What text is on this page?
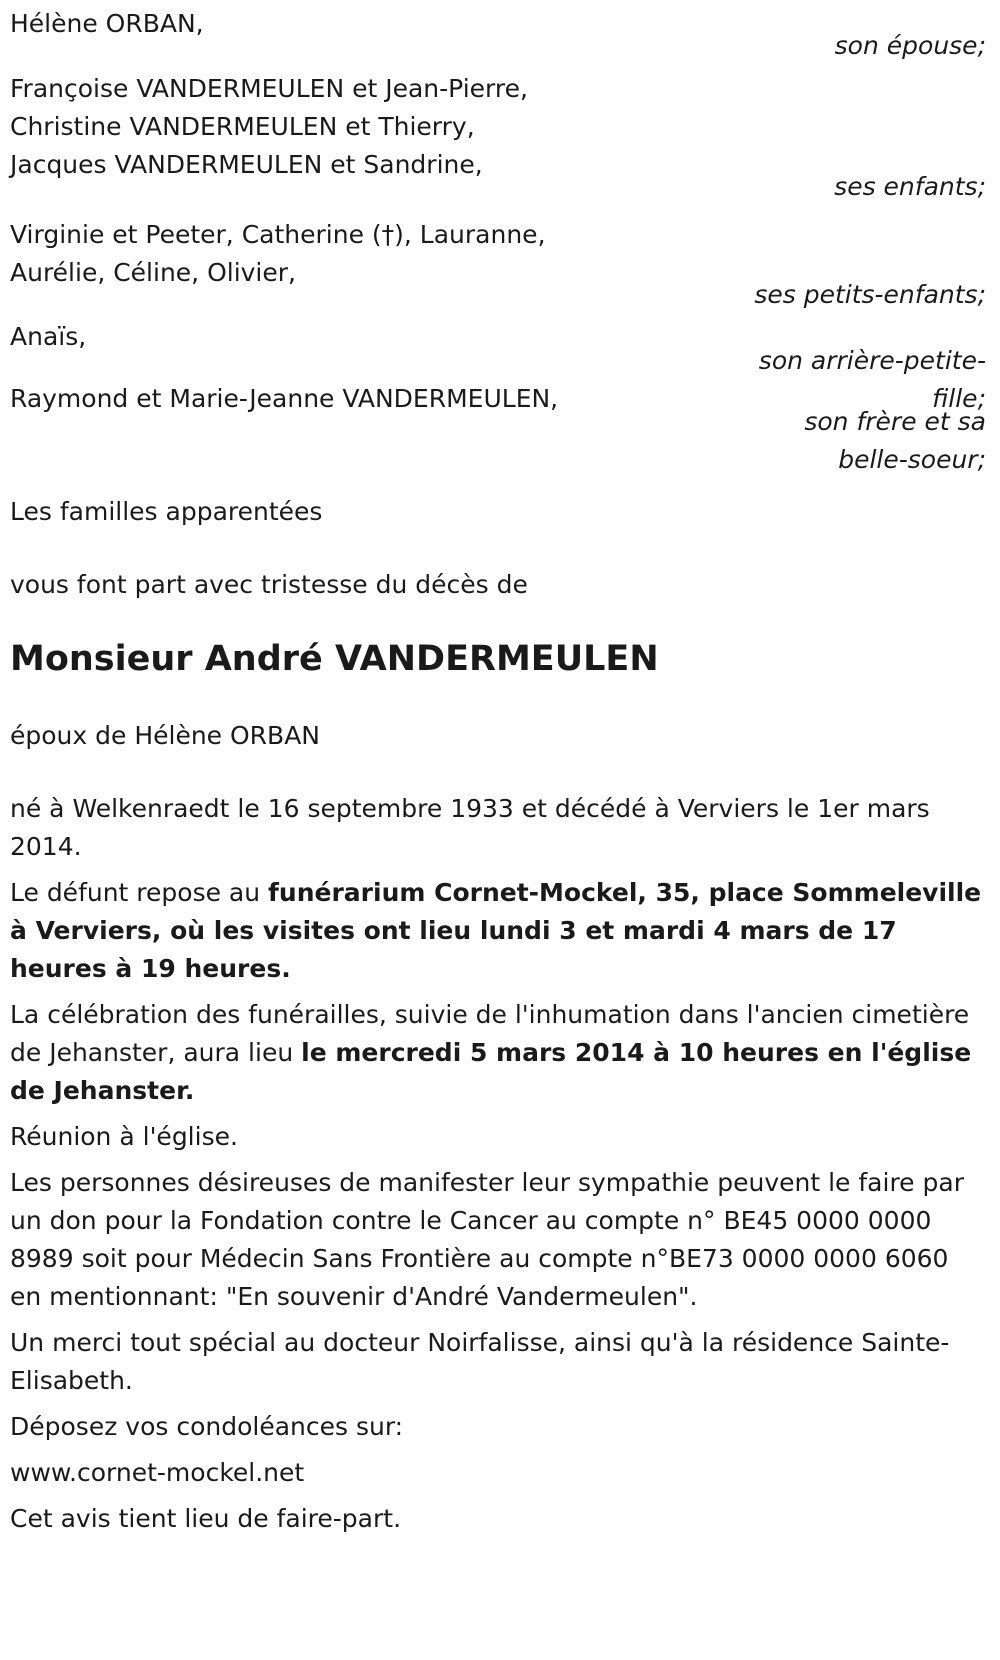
Hélène ORBAN,
son épouse;
Françoise VANDERMEULEN et Jean-Pierre,
Christine VANDERMEULEN et Thierry,
Jacques VANDERMEULEN et Sandrine,
ses enfants;
Virginie et Peeter, Catherine (†), Lauranne,
Aurélie, Céline, Olivier,
ses petits-enfants;
Anaïs,
son arrière-petite-
fille;
Raymond et Marie-Jeanne VANDERMEULEN,
son frère et sa
belle-soeur;
Les familles apparentées
vous font part avec tristesse du décès de
Monsieur André VANDERMEULEN
époux de Hélène ORBAN
né à Welkenraedt le 16 septembre 1933 et décédé à Verviers le 1er mars 2014.
Le défunt repose au funérarium Cornet-Mockel, 35, place Sommeleville à Verviers, où les visites ont lieu lundi 3 et mardi 4 mars de 17 heures à 19 heures.
La célébration des funérailles, suivie de l'inhumation dans l'ancien cimetière de Jehanster, aura lieu le mercredi 5 mars 2014 à 10 heures en l'église de Jehanster.
Réunion à l'église.
Les personnes désireuses de manifester leur sympathie peuvent le faire par un don pour la Fondation contre le Cancer au compte n° BE45 0000 0000 8989 soit pour Médecin Sans Frontière au compte n°BE73 0000 0000 6060 en mentionnant: "En souvenir d'André Vandermeulen".
Un merci tout spécial au docteur Noirfalisse, ainsi qu'à la résidence Sainte-Elisabeth.
Déposez vos condoléances sur:
www.cornet-mockel.net
Cet avis tient lieu de faire-part.
